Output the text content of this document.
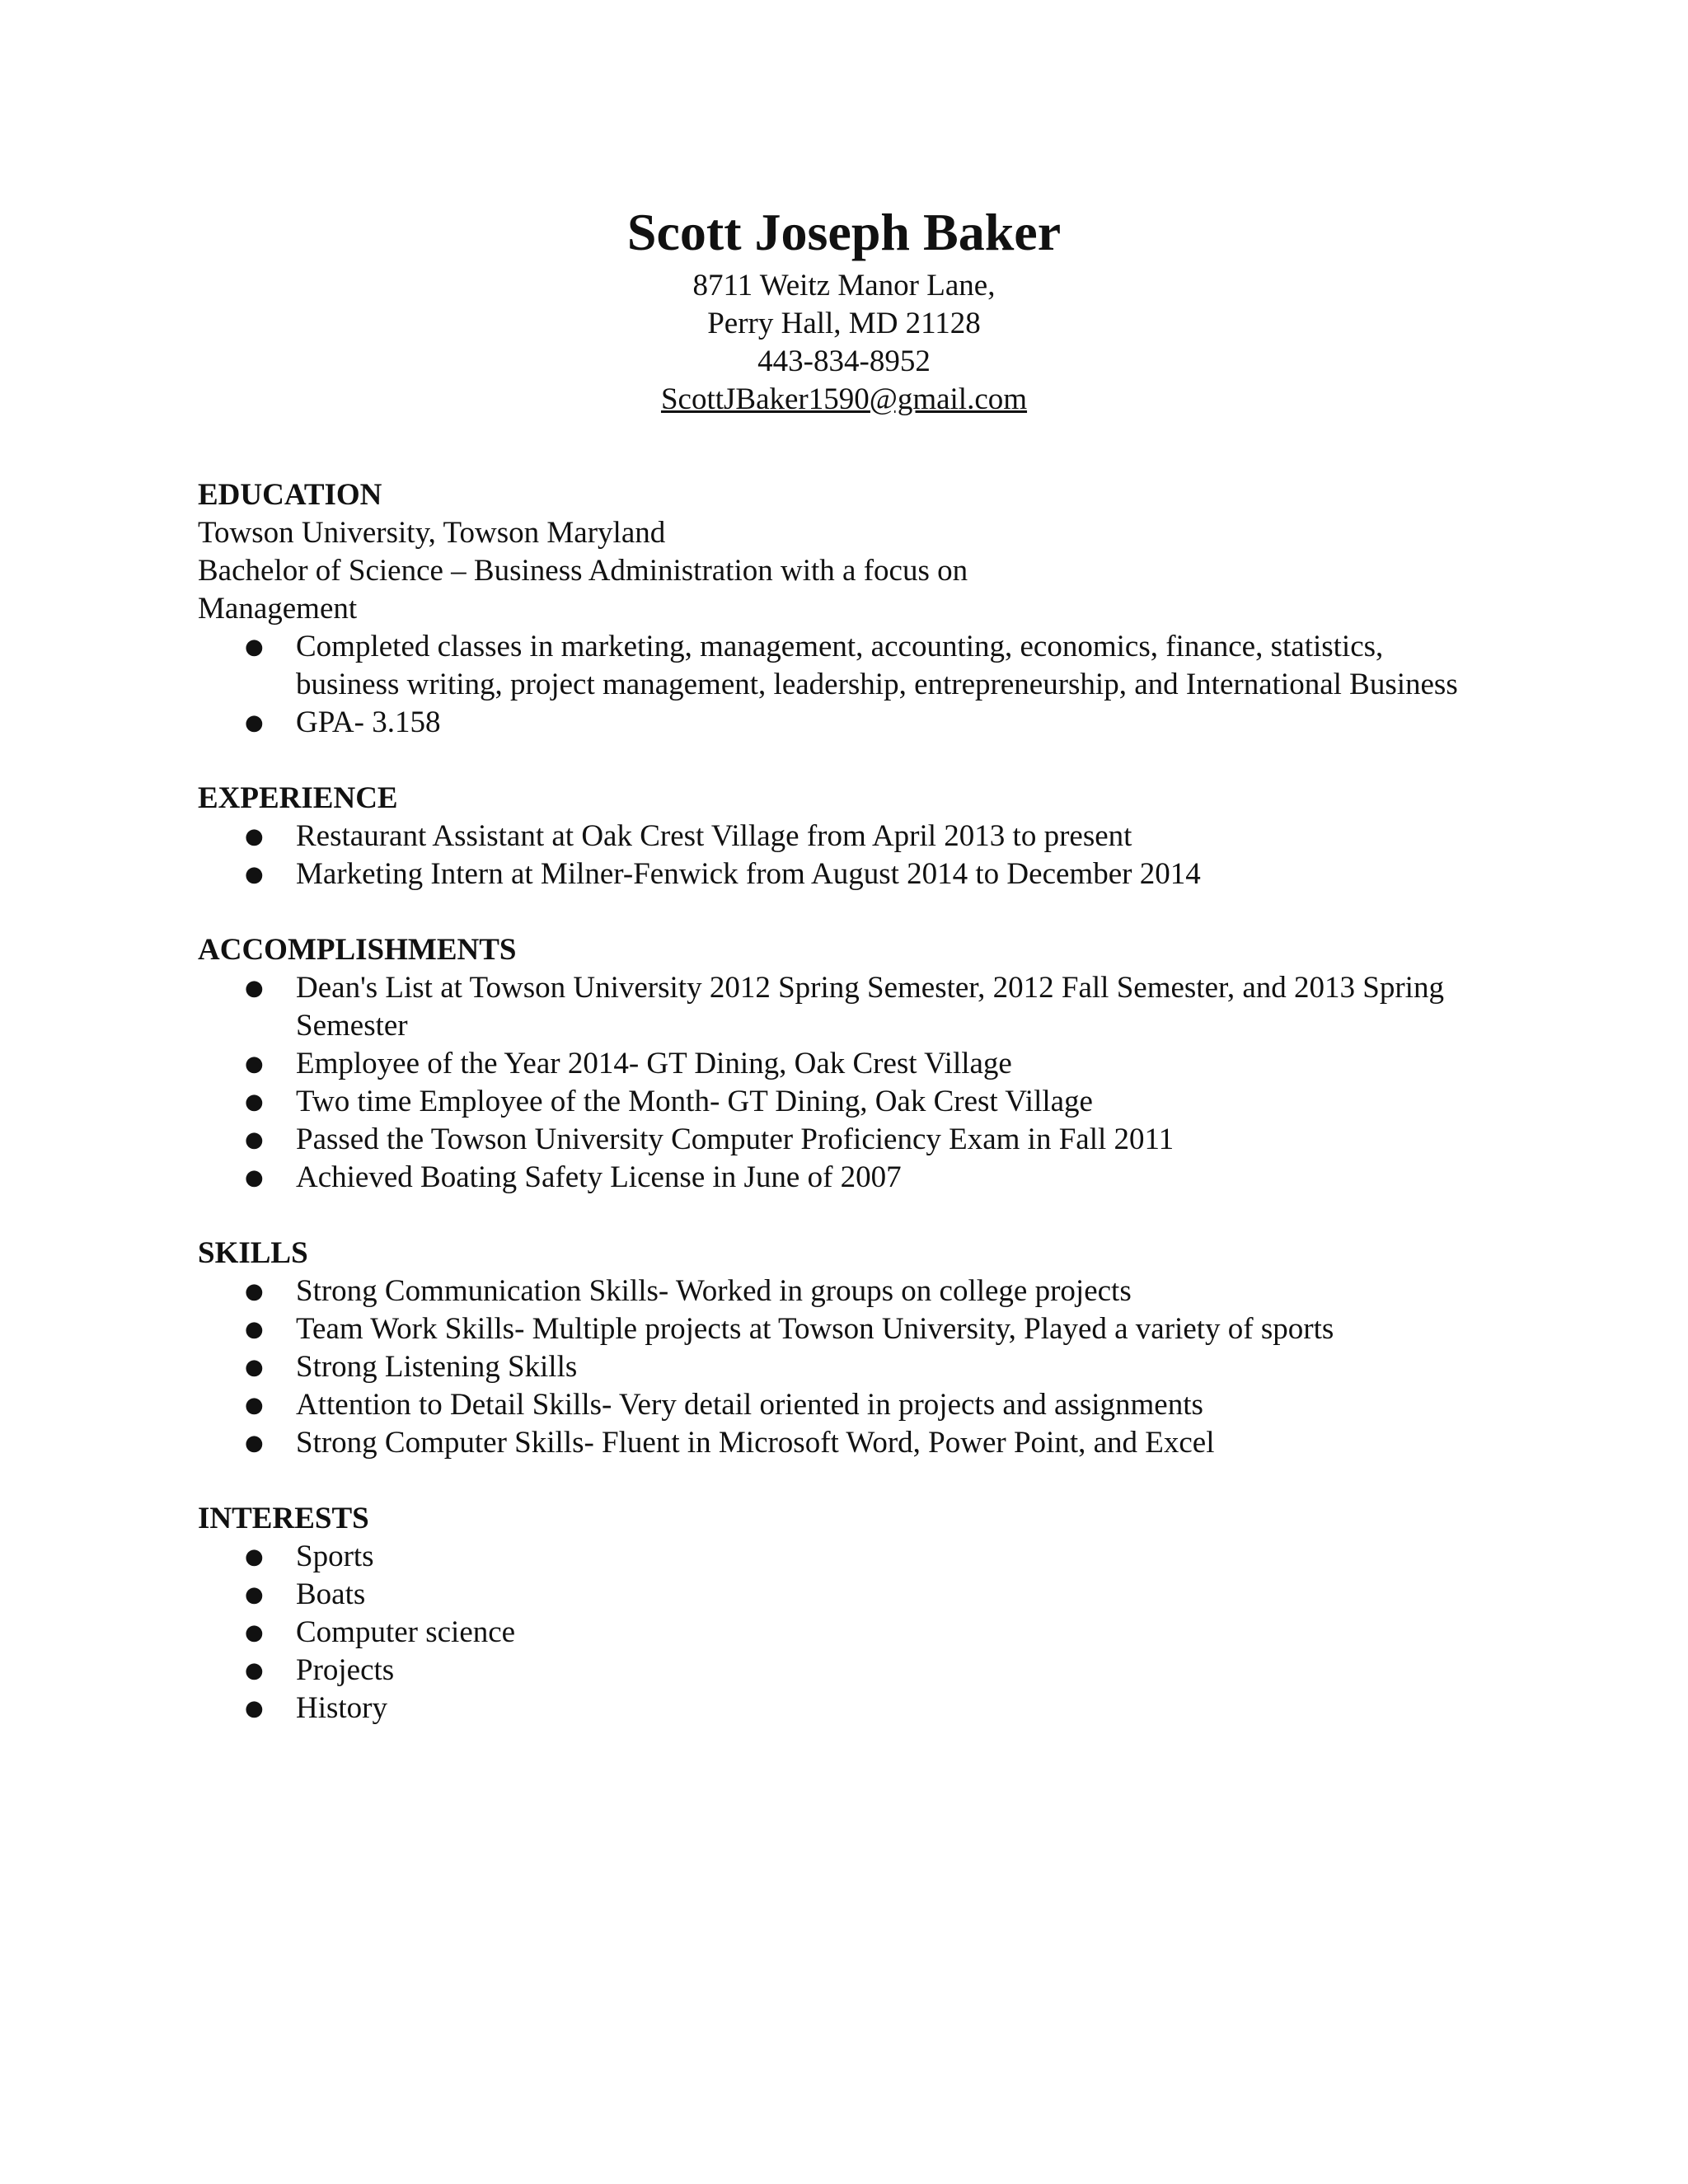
Scott Joseph Baker
8711 Weitz Manor Lane,
Perry Hall, MD 21128
443-834-8952
ScottJBaker1590@gmail.com
EDUCATION
Towson University, Towson Maryland
Bachelor of Science – Business Administration with a focus on
Management
● Completed classes in marketing, management, accounting, economics, finance, statistics, business writing, project management, leadership, entrepreneurship, and International Business
● GPA- 3.158
EXPERIENCE
● Restaurant Assistant at Oak Crest Village from April 2013 to present
● Marketing Intern at Milner-Fenwick from August 2014 to December 2014
ACCOMPLISHMENTS
● Dean's List at Towson University 2012 Spring Semester, 2012 Fall Semester, and 2013 Spring Semester
● Employee of the Year 2014- GT Dining, Oak Crest Village
● Two time Employee of the Month- GT Dining, Oak Crest Village
● Passed the Towson University Computer Proficiency Exam in Fall 2011
● Achieved Boating Safety License in June of 2007
SKILLS
● Strong Communication Skills- Worked in groups on college projects
● Team Work Skills- Multiple projects at Towson University, Played a variety of sports
● Strong Listening Skills
● Attention to Detail Skills- Very detail oriented in projects and assignments
● Strong Computer Skills- Fluent in Microsoft Word, Power Point, and Excel
INTERESTS
● Sports
● Boats
● Computer science
● Projects
● History
